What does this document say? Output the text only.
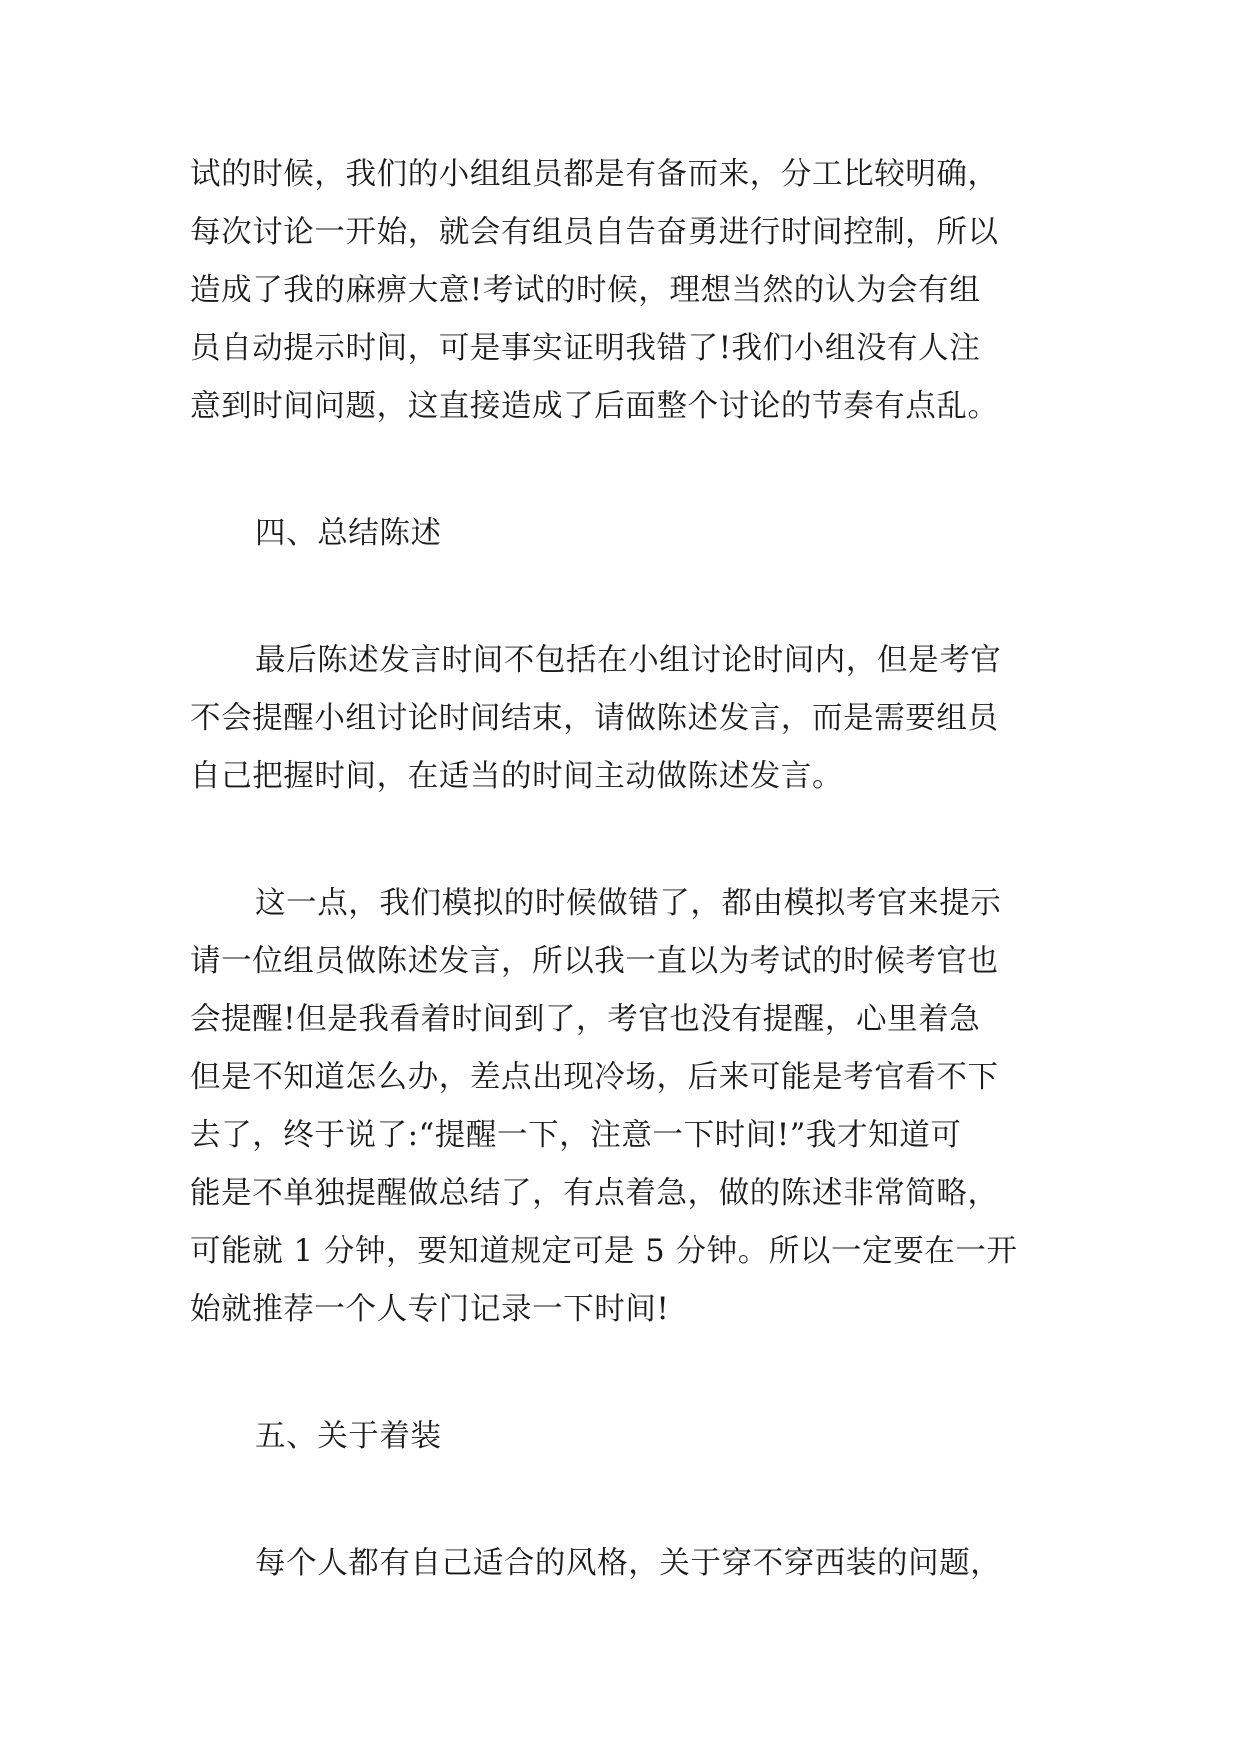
试的时候，我们的小组组员都是有备而来，分工比较明确，

每次讨论一开始，就会有组员自告奋勇进行时间控制，所以

造成了我的麻痹大意!考试的时候，理想当然的认为会有组

员自动提示时间，可是事实证明我错了!我们小组没有人注

意到时间问题，这直接造成了后面整个讨论的节奏有点乱。

四、总结陈述

最后陈述发言时间不包括在小组讨论时间内，但是考官

不会提醒小组讨论时间结束，请做陈述发言，而是需要组员

自己把握时间，在适当的时间主动做陈述发言。

这一点，我们模拟的时候做错了，都由模拟考官来提示

请一位组员做陈述发言，所以我一直以为考试的时候考官也

会提醒!但是我看着时间到了，考官也没有提醒，心里着急

但是不知道怎么办，差点出现冷场，后来可能是考官看不下

去了，终于说了:“提醒一下，注意一下时间!”我才知道可

能是不单独提醒做总结了，有点着急，做的陈述非常简略，

可能就 1 分钟，要知道规定可是 5 分钟。所以一定要在一开

始就推荐一个人专门记录一下时间!

五、关于着装

每个人都有自己适合的风格，关于穿不穿西装的问题，
